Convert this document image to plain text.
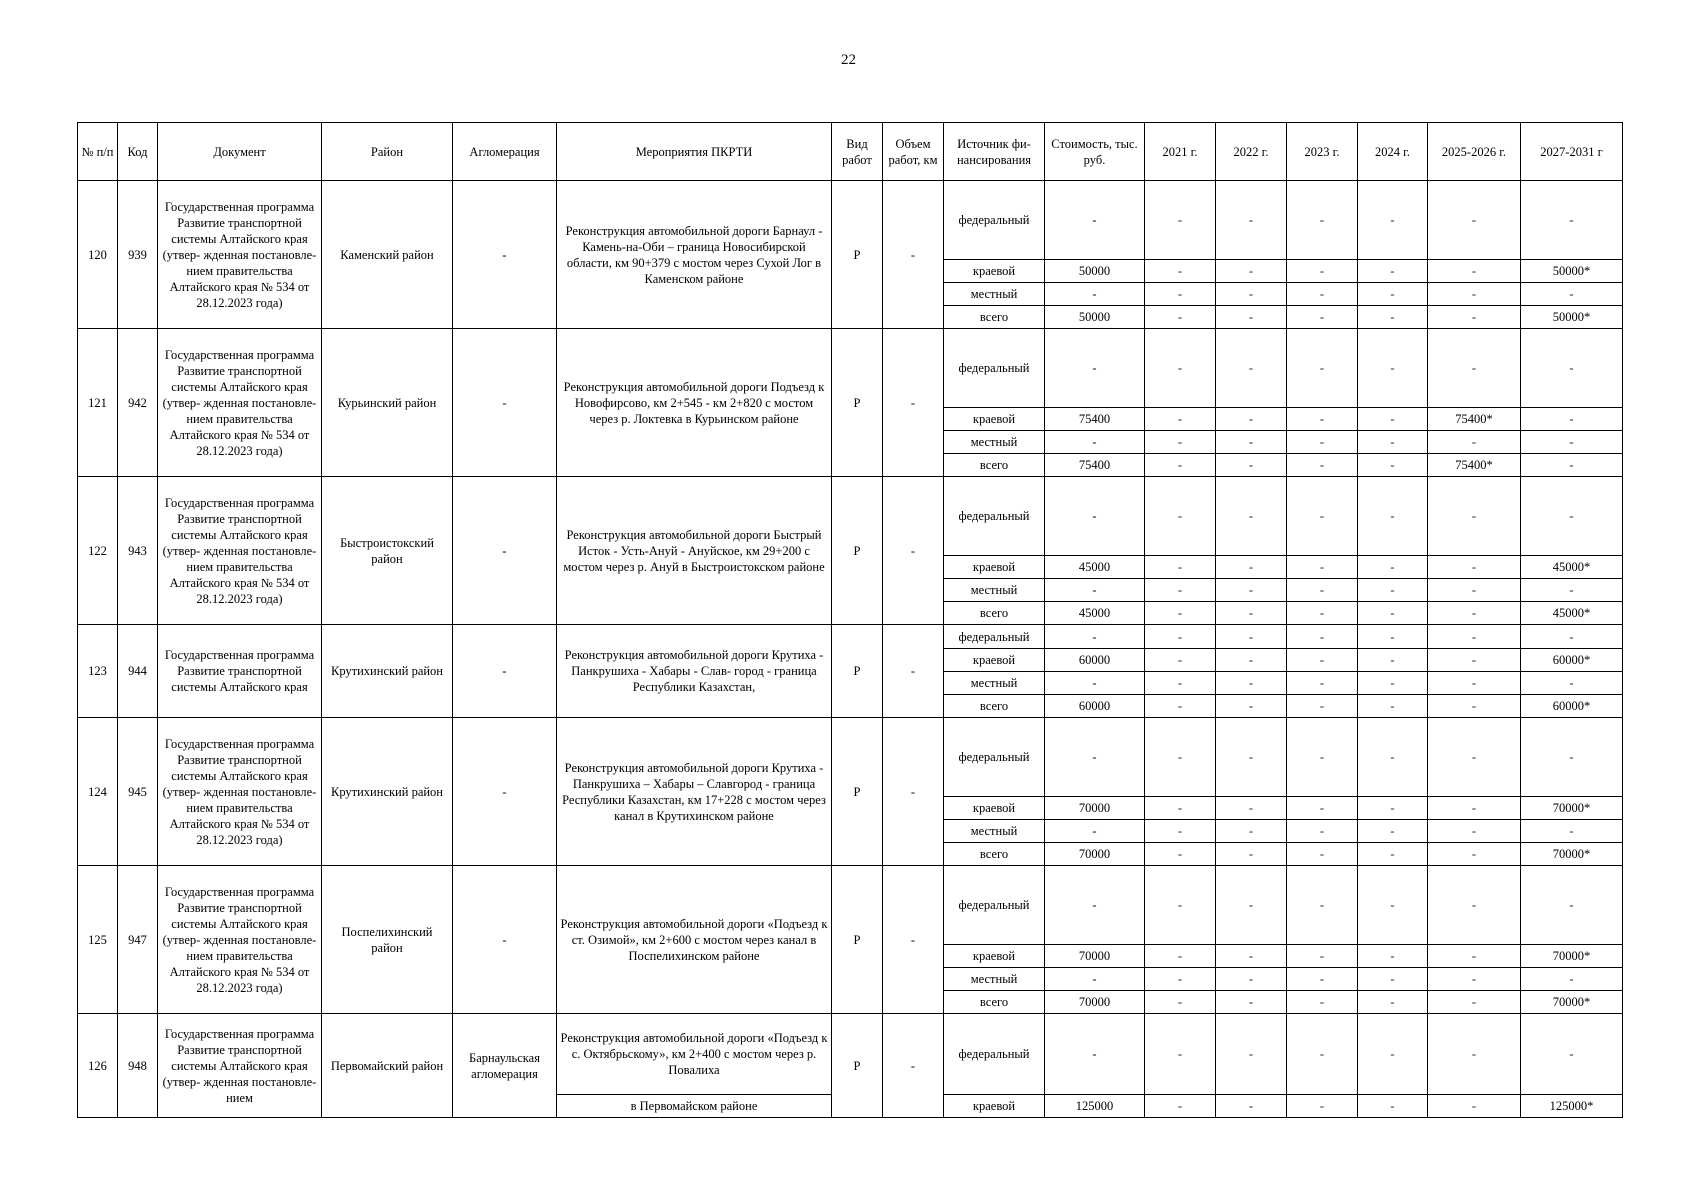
22
№ п/п	Код	Документ	Район	Агломерация	Мероприятия ПКРТИ	Вид работ	Объем работ, км	Источник фи- нансирования	Стоимость, тыс. руб.	2021 г.	2022 г.	2023 г.	2024 г.	2025-2026 г.	2027-2031 г
120	939	Государственная программа Развитие транспортной системы Алтайского края (утвер- жденная постановле- нием правительства Алтайского края № 534 от 28.12.2023 года)	Каменский район	-	Реконструкция автомобильной дороги Барнаул - Камень-на-Оби – граница Новосибирской области, км 90+379 с мостом через Сухой Лог в Каменском районе	Р	-	федеральный	-	-	-	-	-	-	-
								краевой	50000	-	-	-	-	-	50000*
								местный	-	-	-	-	-	-	-
								всего	50000	-	-	-	-	-	50000*
121	942	Государственная программа Развитие транспортной системы Алтайского края (утвер- жденная постановле- нием правительства Алтайского края № 534 от 28.12.2023 года)	Курьинский район	-	Реконструкция автомобильной дороги Подъезд к Новофирсово, км 2+545 - км 2+820 с мостом через р. Локтевка в Курьинском районе	Р	-	федеральный	-	-	-	-	-	-	-
								краевой	75400	-	-	-	-	75400*	-
								местный	-	-	-	-	-	-	-
								всего	75400	-	-	-	-	75400*	-
122	943	Государственная программа Развитие транспортной системы Алтайского края (утвер- жденная постановле- нием правительства Алтайского края № 534 от 28.12.2023 года)	Быстроистокский район	-	Реконструкция автомобильной дороги Быстрый Исток - Усть-Ануй - Ануйское, км 29+200 с мостом через р. Ануй в Быстроистокском районе	Р	-	федеральный	-	-	-	-	-	-	-
								краевой	45000	-	-	-	-	-	45000*
								местный	-	-	-	-	-	-	-
								всего	45000	-	-	-	-	-	45000*
123	944	Государственная программа Развитие транспортной системы Алтайского края	Крутихинский район	-	Реконструкция автомобильной дороги Крутиха - Панкрушиха - Хабары - Слав- город - граница Республики Казахстан,	Р	-	федеральный	-	-	-	-	-	-	-
								краевой	60000	-	-	-	-	-	60000*
								местный	-	-	-	-	-	-	-
								всего	60000	-	-	-	-	-	60000*
124	945	Государственная программа Развитие транспортной системы Алтайского края (утвер- жденная постановле- нием правительства Алтайского края № 534 от 28.12.2023 года)	Крутихинский район	-	Реконструкция автомобильной дороги Крутиха - Панкрушиха – Хабары – Славгород - граница Республики Казахстан, км 17+228 с мостом через канал в Крутихинском районе	Р	-	федеральный	-	-	-	-	-	-	-
								краевой	70000	-	-	-	-	-	70000*
								местный	-	-	-	-	-	-	-
								всего	70000	-	-	-	-	-	70000*
125	947	Государственная программа Развитие транспортной системы Алтайского края (утвер- жденная постановле- нием правительства Алтайского края № 534 от 28.12.2023 года)	Поспелихинский район	-	Реконструкция автомобильной дороги «Подъезд к ст. Озимой», км 2+600 с мостом через канал в Поспелихинском районе	Р	-	федеральный	-	-	-	-	-	-	-
								краевой	70000	-	-	-	-	-	70000*
								местный	-	-	-	-	-	-	-
								всего	70000	-	-	-	-	-	70000*
126	948	Государственная программа Развитие транспортной системы Алтайского края (утвер- жденная постановле- нием	Первомайский район	Барнаульская агломерация	Реконструкция автомобильной дороги «Подъезд к с. Октябрьскому», км 2+400 с мостом через р. Повалиха	Р	-	федеральный	-	-	-	-	-	-	-
					в Первомайском районе			краевой	125000	-	-	-	-	-	125000*
